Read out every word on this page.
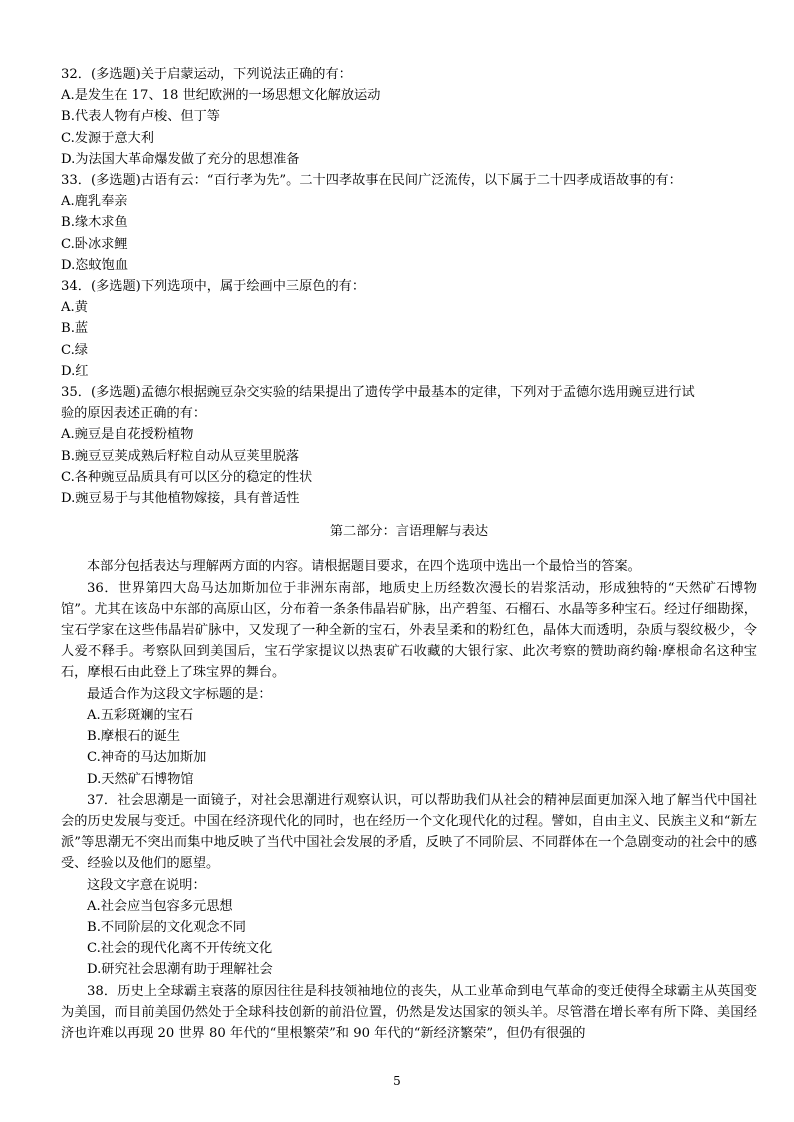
32．(多选题)关于启蒙运动，下列说法正确的有：
A.是发生在 17、18 世纪欧洲的一场思想文化解放运动
B.代表人物有卢梭、但丁等
C.发源于意大利
D.为法国大革命爆发做了充分的思想准备
33．(多选题)古语有云：“百行孝为先”。二十四孝故事在民间广泛流传，以下属于二十四孝成语故事的有：
A.鹿乳奉亲
B.缘木求鱼
C.卧冰求鲤
D.恣蚊饱血
34．(多选题)下列选项中，属于绘画中三原色的有：
A.黄
B.蓝
C.绿
D.红
35．(多选题)孟德尔根据豌豆杂交实验的结果提出了遗传学中最基本的定律，下列对于孟德尔选用豌豆进行试
验的原因表述正确的有：
A.豌豆是自花授粉植物
B.豌豆豆荚成熟后籽粒自动从豆荚里脱落
C.各种豌豆品质具有可以区分的稳定的性状
D.豌豆易于与其他植物嫁接，具有普适性
第二部分：言语理解与表达
本部分包括表达与理解两方面的内容。请根据题目要求，在四个选项中选出一个最恰当的答案。
36．世界第四大岛马达加斯加位于非洲东南部，地质史上历经数次漫长的岩浆活动，形成独特的“天然矿石博物馆”。尤其在该岛中东部的高原山区，分布着一条条伟晶岩矿脉，出产碧玺、石榴石、水晶等多种宝石。经过仔细勘探，宝石学家在这些伟晶岩矿脉中，又发现了一种全新的宝石，外表呈柔和的粉红色，晶体大而透明，杂质与裂纹极少，令人爱不释手。考察队回到美国后，宝石学家提议以热衷矿石收藏的大银行家、此次考察的赞助商约翰·摩根命名这种宝石，摩根石由此登上了珠宝界的舞台。
最适合作为这段文字标题的是：
A.五彩斑斓的宝石
B.摩根石的诞生
C.神奇的马达加斯加
D.天然矿石博物馆
37．社会思潮是一面镜子，对社会思潮进行观察认识，可以帮助我们从社会的精神层面更加深入地了解当代中国社会的历史发展与变迁。中国在经济现代化的同时，也在经历一个文化现代化的过程。譬如，自由主义、民族主义和“新左派”等思潮无不突出而集中地反映了当代中国社会发展的矛盾，反映了不同阶层、不同群体在一个急剧变动的社会中的感受、经验以及他们的愿望。
这段文字意在说明：
A.社会应当包容多元思想
B.不同阶层的文化观念不同
C.社会的现代化离不开传统文化
D.研究社会思潮有助于理解社会
38．历史上全球霸主衰落的原因往往是科技领袖地位的丧失，从工业革命到电气革命的变迁使得全球霸主从英国变为美国，而目前美国仍然处于全球科技创新的前沿位置，仍然是发达国家的领头羊。尽管潜在增长率有所下降、美国经济也许难以再现 20 世界 80 年代的“里根繁荣”和 90 年代的“新经济繁荣”，但仍有很强的
5
